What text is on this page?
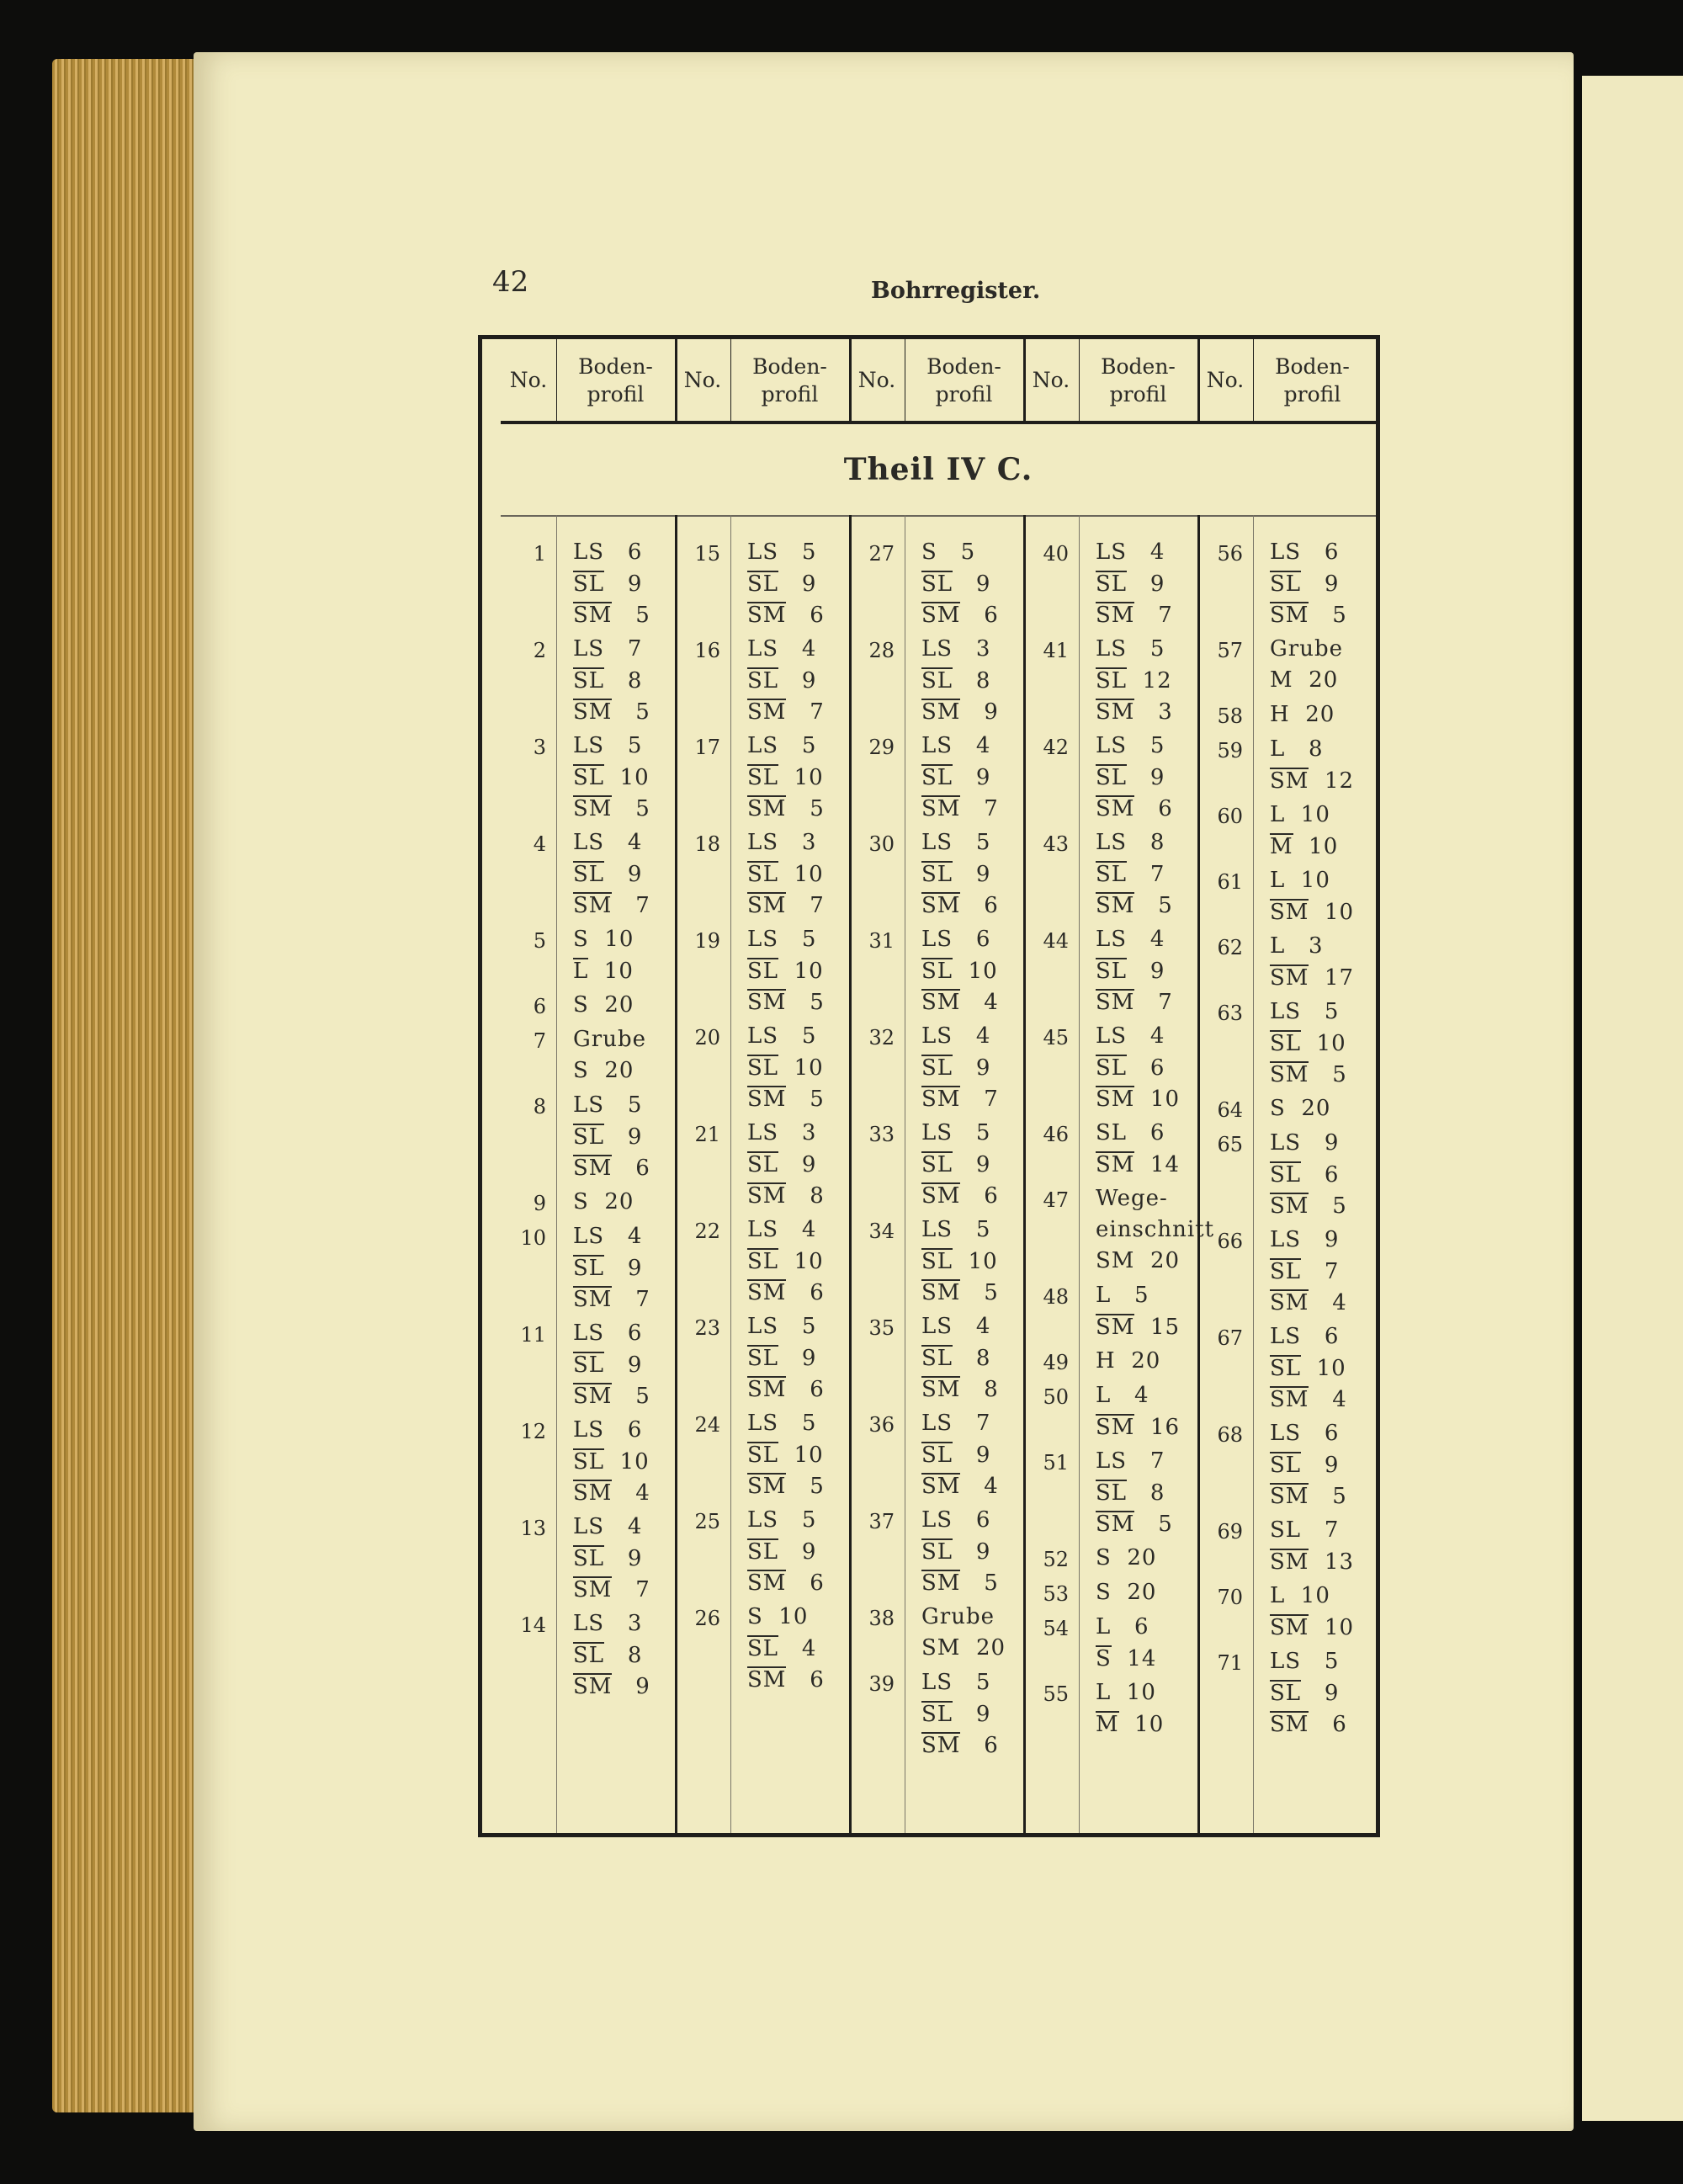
42	Bohrregister.
No.
Boden-
profil
No.
Boden-
profil
No.
Boden-
profil
No.
Boden-
profil
No.
Boden-
profil
Theil IV C.
1 LS   6
SL   9
SM   5
2 LS   7
SL   8
SM   5
3 LS   5
SL  10
SM   5
4 LS   4
SL   9
SM   7
5 S  10
L  10
6 S  20
7 Grube
S  20
8 LS   5
SL   9
SM   6
9 S  20
10 LS   4
SL   9
SM   7
11 LS   6
SL   9
SM   5
12 LS   6
SL  10
SM   4
13 LS   4
SL   9
SM   7
14 LS   3
SL   8
SM   9
15 LS   5
SL   9
SM   6
16 LS   4
SL   9
SM   7
17 LS   5
SL  10
SM   5
18 LS   3
SL  10
SM   7
19 LS   5
SL  10
SM   5
20 LS   5
SL  10
SM   5
21 LS   3
SL   9
SM   8
22 LS   4
SL  10
SM   6
23 LS   5
SL   9
SM   6
24 LS   5
SL  10
SM   5
25 LS   5
SL   9
SM   6
26 S  10
SL   4
SM   6
27 S   5
SL   9
SM   6
28 LS   3
SL   8
SM   9
29 LS   4
SL   9
SM   7
30 LS   5
SL   9
SM   6
31 LS   6
SL  10
SM   4
32 LS   4
SL   9
SM   7
33 LS   5
SL   9
SM   6
34 LS   5
SL  10
SM   5
35 LS   4
SL   8
SM   8
36 LS   7
SL   9
SM   4
37 LS   6
SL   9
SM   5
38 Grube
SM  20
39 LS   5
SL   9
SM   6
40 LS   4
SL   9
SM   7
41 LS   5
SL  12
SM   3
42 LS   5
SL   9
SM   6
43 LS   8
SL   7
SM   5
44 LS   4
SL   9
SM   7
45 LS   4
SL   6
SM  10
46 SL   6
SM  14
47 Wege-
einschnitt
SM  20
48 L   5
SM  15
49 H  20
50 L   4
SM  16
51 LS   7
SL   8
SM   5
52 S  20
53 S  20
54 L   6
S  14
55 L  10
M  10
56 LS   6
SL   9
SM   5
57 Grube
M  20
58 H  20
59 L   8
SM  12
60 L  10
M  10
61 L  10
SM  10
62 L   3
SM  17
63 LS   5
SL  10
SM   5
64 S  20
65 LS   9
SL   6
SM   5
66 LS   9
SL   7
SM   4
67 LS   6
SL  10
SM   4
68 LS   6
SL   9
SM   5
69 SL   7
SM  13
70 L  10
SM  10
71 LS   5
SL   9
SM   6
